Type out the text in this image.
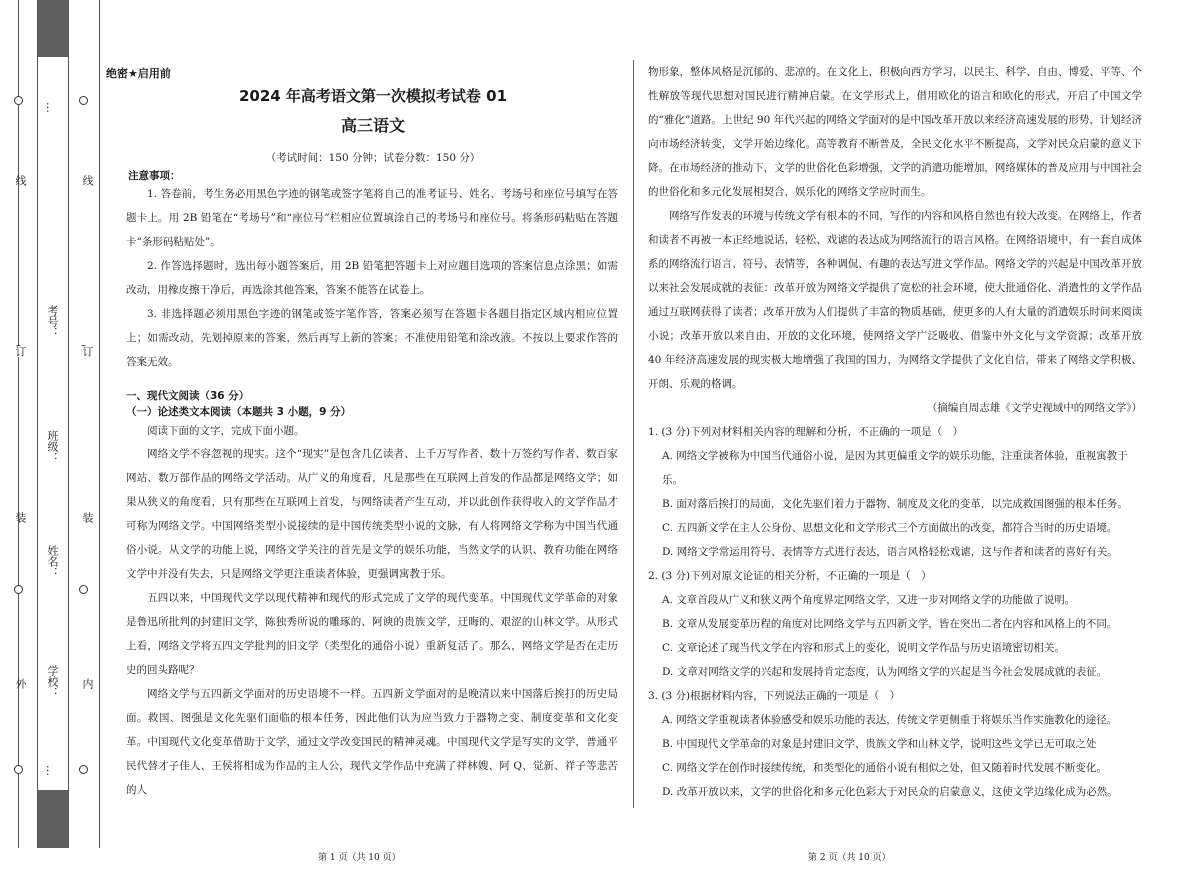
线
订
装
外
线
订
装
内
学校：
姓名：
班级：
考号：
…
…
绝密★启用前
2024 年高考语文第一次模拟考试卷 01
高三语文
（考试时间：150 分钟；试卷分数：150 分）
注意事项：

1. 答卷前，考生务必用黑色字迹的钢笔或签字笔将自己的准考证号、姓名、考场号和座位号填写在答题卡上。用 2B 铅笔在“考场号”和“座位号”栏相应位置填涂自己的考场号和座位号。将条形码粘贴在答题卡“条形码粘贴处”。

2. 作答选择题时，选出每小题答案后，用 2B 铅笔把答题卡上对应题目选项的答案信息点涂黑；如需改动，用橡皮擦干净后，再选涂其他答案，答案不能答在试卷上。

3. 非选择题必须用黑色字迹的钢笔或签字笔作答，答案必须写在答题卡各题目指定区域内相应位置上；如需改动，先划掉原来的答案，然后再写上新的答案；不准使用铅笔和涂改液。不按以上要求作答的答案无效。

一、现代文阅读（36 分）

（一）论述类文本阅读（本题共 3 小题，9 分）

阅读下面的文字，完成下面小题。

网络文学不容忽视的现实。这个“现实”是包含几亿读者、上千万写作者、数十万签约写作者、数百家网站、数万部作品的网络文学活动。从广义的角度看，凡是那些在互联网上首发的作品都是网络文学；如果从狭义的角度看，只有那些在互联网上首发，与网络读者产生互动，并以此创作获得收入的文学作品才可称为网络文学。中国网络类型小说接续的是中国传统类型小说的文脉，有人将网络文学称为中国当代通俗小说。从文学的功能上说，网络文学关注的首先是文学的娱乐功能，当然文学的认识、教育功能在网络文学中并没有失去，只是网络文学更注重读者体验，更强调寓教于乐。

五四以来，中国现代文学以现代精神和现代的形式完成了文学的现代变革。中国现代文学革命的对象是鲁迅所批判的封建旧文学，陈独秀所说的雕琢的、阿谀的贵族文学，迂晦的、艰涩的山林文学。从形式上看，网络文学将五四文学批判的旧文学（类型化的通俗小说）重新复活了。那么，网络文学是否在走历史的回头路呢？

网络文学与五四新文学面对的历史语境不一样。五四新文学面对的是晚清以来中国落后挨打的历史局面。救国、图强是文化先驱们面临的根本任务，因此他们认为应当致力于器物之变、制度变革和文化变革。中国现代文化变革借助于文学，通过文学改变国民的精神灵魂。中国现代文学是写实的文学，普通平民代替才子佳人、王侯将相成为作品的主人公，现代文学作品中充满了祥林嫂、阿 Q、觉新、祥子等悲苦的人

第 1 页（共 10 页）

物形象，整体风格是沉郁的、悲凉的。在文化上，积极向西方学习，以民主、科学、自由、博爱、平等、个性解放等现代思想对国民进行精神启蒙。在文学形式上，借用欧化的语言和欧化的形式，开启了中国文学的“雅化”道路。上世纪 90 年代兴起的网络文学面对的是中国改革开放以来经济高速发展的形势，计划经济向市场经济转变，文学开始边缘化。高等教育不断普及，全民文化水平不断提高，文学对民众启蒙的意义下降。在市场经济的推动下，文学的世俗化色彩增强，文学的消遣功能增加，网络媒体的普及应用与中国社会的世俗化和多元化发展相契合，娱乐化的网络文学应时而生。

网络写作发表的环境与传统文学有根本的不同，写作的内容和风格自然也有较大改变。在网络上，作者和读者不再被一本正经地说话，轻松、戏谑的表达成为网络流行的语言风格。在网络语境中，有一套自成体系的网络流行语言、符号、表情等，各种调侃、有趣的表达写进文学作品。网络文学的兴起是中国改革开放以来社会发展成就的表征：改革开放为网络文学提供了宽松的社会环境，使大批通俗化、消遣性的文学作品通过互联网获得了读者；改革开放为人们提供了丰富的物质基础，使更多的人有大量的消遣娱乐时间来阅读小说；改革开放以来自由、开放的文化环境，使网络文学广泛吸收、借鉴中外文化与文学资源；改革开放 40 年经济高速发展的现实极大地增强了我国的国力，为网络文学提供了文化自信，带来了网络文学积极、开朗、乐观的格调。

（摘编自周志雄《文学史视域中的网络文学》）

1. (3 分)下列对材料相关内容的理解和分析，不正确的一项是（　）

A. 网络文学被称为中国当代通俗小说，是因为其更偏重文学的娱乐功能，注重读者体验，重视寓教于乐。

B. 面对落后挨打的局面，文化先驱们着力于器物、制度及文化的变革，以完成救国图强的根本任务。

C. 五四新文学在主人公身份、思想文化和文学形式三个方面做出的改变，都符合当时的历史语境。

D. 网络文学常运用符号、表情等方式进行表达，语言风格轻松戏谑，这与作者和读者的喜好有关。

2. (3 分)下列对原文论证的相关分析，不正确的一项是（　）

A. 文章首段从广义和狭义两个角度界定网络文学，又进一步对网络文学的功能做了说明。

B. 文章从发展变革历程的角度对比网络文学与五四新文学，皆在突出二者在内容和风格上的不同。

C. 文章论述了现当代文学在内容和形式上的变化，说明文学作品与历史语境密切相关。

D. 文章对网络文学的兴起和发展持肯定态度，认为网络文学的兴起是当今社会发展成就的表征。

3. (3 分)根据材料内容，下列说法正确的一项是（　）

A. 网络文学重视读者体验感受和娱乐功能的表达，传统文学更侧重于将娱乐当作实施教化的途径。

B. 中国现代文学革命的对象是封建旧文学、贵族文学和山林文学，说明这些文学已无可取之处

C. 网络文学在创作时接续传统，和类型化的通俗小说有相似之处，但又随着时代发展不断变化。

D. 改革开放以来，文学的世俗化和多元化色彩大于对民众的启蒙意义，这使文学边缘化成为必然。

第 2 页（共 10 页）
